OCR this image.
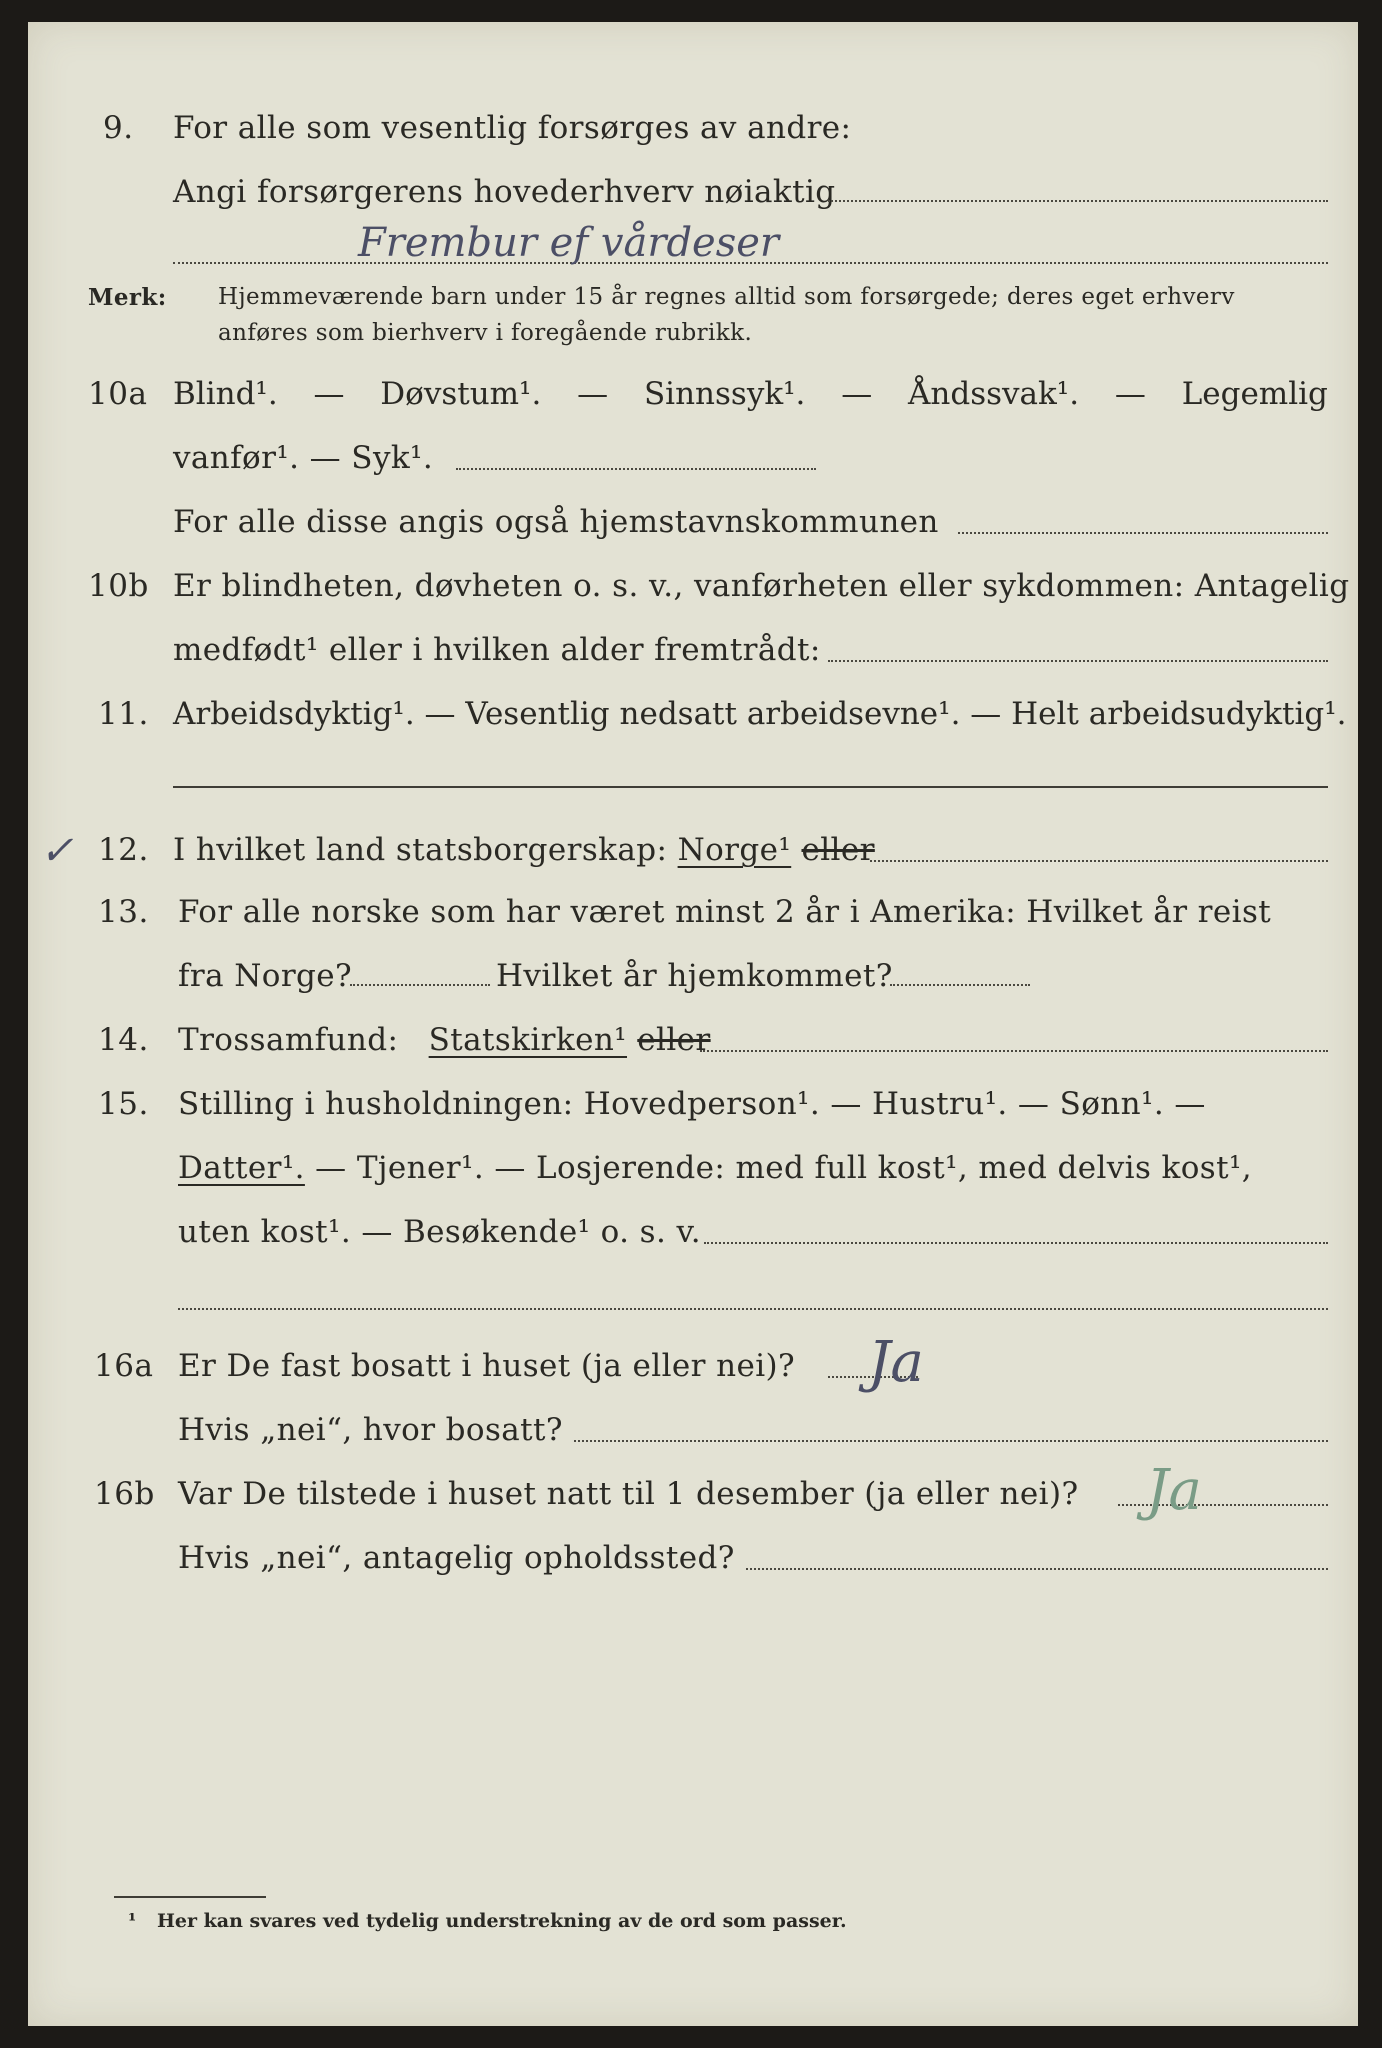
9. For alle som vesentlig forsørges av andre:
Angi forsørgerens hovederhverv nøiaktig
Frembur ef vårdeser
Merk: Hjemmeværende barn under 15 år regnes alltid som forsørgede; deres eget erhverv
anføres som bierhverv i foregående rubrikk.
10a Blind¹. — Døvstum¹. — Sinnssyk¹. — Åndssvak¹. — Legemlig
vanfør¹. — Syk¹.
For alle disse angis også hjemstavnskommunen
10b Er blindheten, døvheten o. s. v., vanførheten eller sykdommen: Antagelig
medfødt¹ eller i hvilken alder fremtrådt:
11. Arbeidsdyktig¹. — Vesentlig nedsatt arbeidsevne¹. — Helt arbeidsudyktig¹.
✓ 12. I hvilket land statsborgerskap: Norge¹ eller
13. For alle norske som har været minst 2 år i Amerika: Hvilket år reist
fra Norge?	Hvilket år hjemkommet?
14. Trossamfund: Statskirken¹ eller
15. Stilling i husholdningen: Hovedperson¹. — Hustru¹. — Sønn¹. —
Datter¹. — Tjener¹. — Losjerende: med full kost¹, med delvis kost¹,
uten kost¹. — Besøkende¹ o. s. v.
16a Er De fast bosatt i huset (ja eller nei)? Ja
Hvis „nei“, hvor bosatt?
16b Var De tilstede i huset natt til 1 desember (ja eller nei)? Ja
Hvis „nei“, antagelig opholdssted?
¹ Her kan svares ved tydelig understrekning av de ord som passer.
